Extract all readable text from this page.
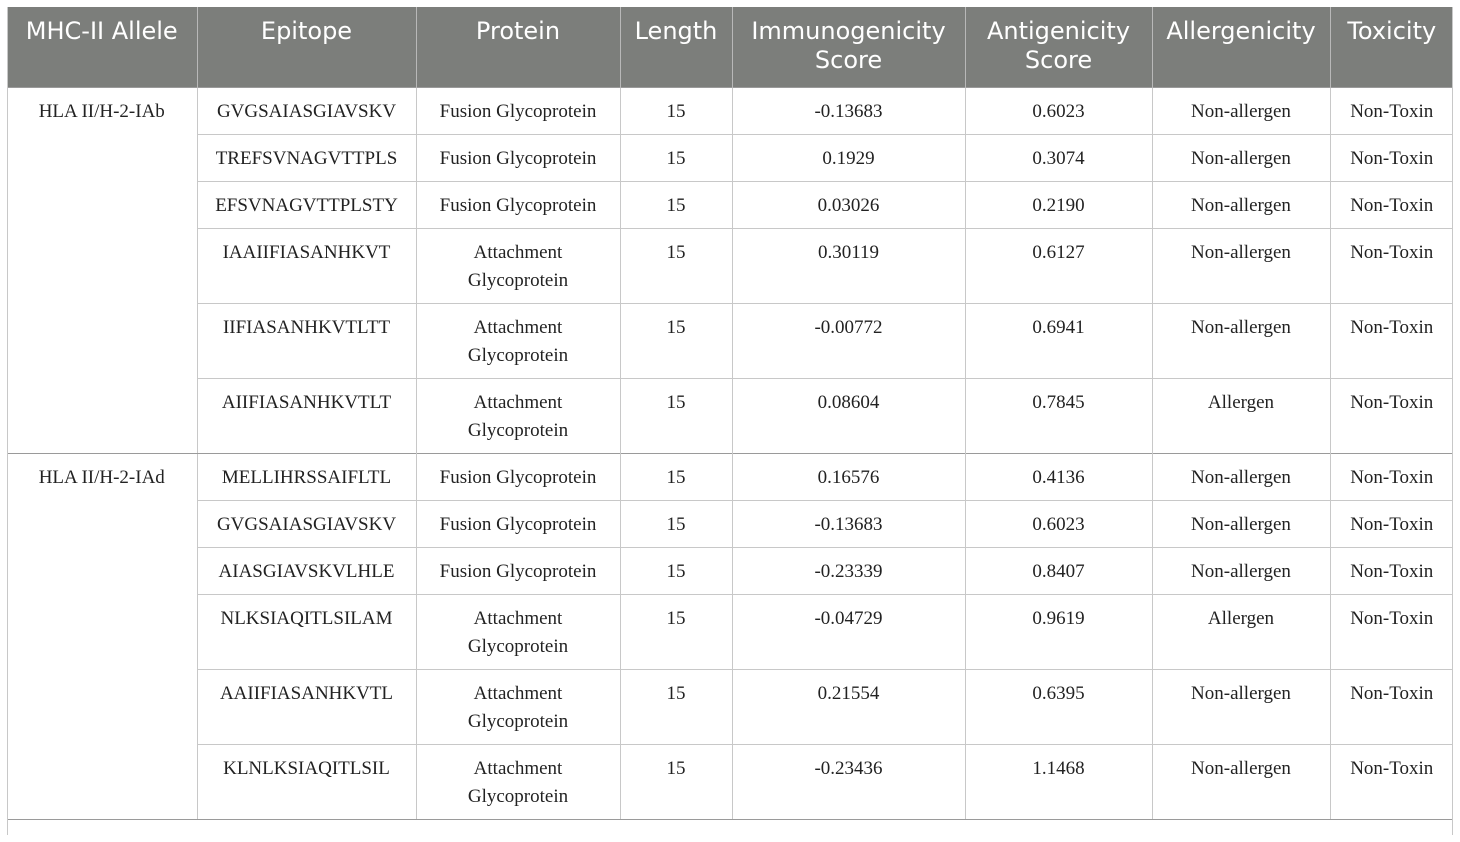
MHC-II Allele	Epitope	Protein	Length	Immunogenicity Score	Antigenicity Score	Allergenicity	Toxicity
HLA II/H-2-IAb	GVGSAIASGIAVSKV	Fusion Glycoprotein	15	-0.13683	0.6023	Non-allergen	Non-Toxin
	TREFSVNAGVTTPLS	Fusion Glycoprotein	15	0.1929	0.3074	Non-allergen	Non-Toxin
	EFSVNAGVTTPLSTY	Fusion Glycoprotein	15	0.03026	0.2190	Non-allergen	Non-Toxin
	IAAIIFIASANHKVT	Attachment Glycoprotein	15	0.30119	0.6127	Non-allergen	Non-Toxin
	IIFIASANHKVTLTT	Attachment Glycoprotein	15	-0.00772	0.6941	Non-allergen	Non-Toxin
	AIIFIASANHKVTLT	Attachment Glycoprotein	15	0.08604	0.7845	Allergen	Non-Toxin
HLA II/H-2-IAd	MELLIHRSSAIFLTL	Fusion Glycoprotein	15	0.16576	0.4136	Non-allergen	Non-Toxin
	GVGSAIASGIAVSKV	Fusion Glycoprotein	15	-0.13683	0.6023	Non-allergen	Non-Toxin
	AIASGIAVSKVLHLE	Fusion Glycoprotein	15	-0.23339	0.8407	Non-allergen	Non-Toxin
	NLKSIAQITLSILAM	Attachment Glycoprotein	15	-0.04729	0.9619	Allergen	Non-Toxin
	AAIIFIASANHKVTL	Attachment Glycoprotein	15	0.21554	0.6395	Non-allergen	Non-Toxin
	KLNLKSIAQITLSIL	Attachment Glycoprotein	15	-0.23436	1.1468	Non-allergen	Non-Toxin
